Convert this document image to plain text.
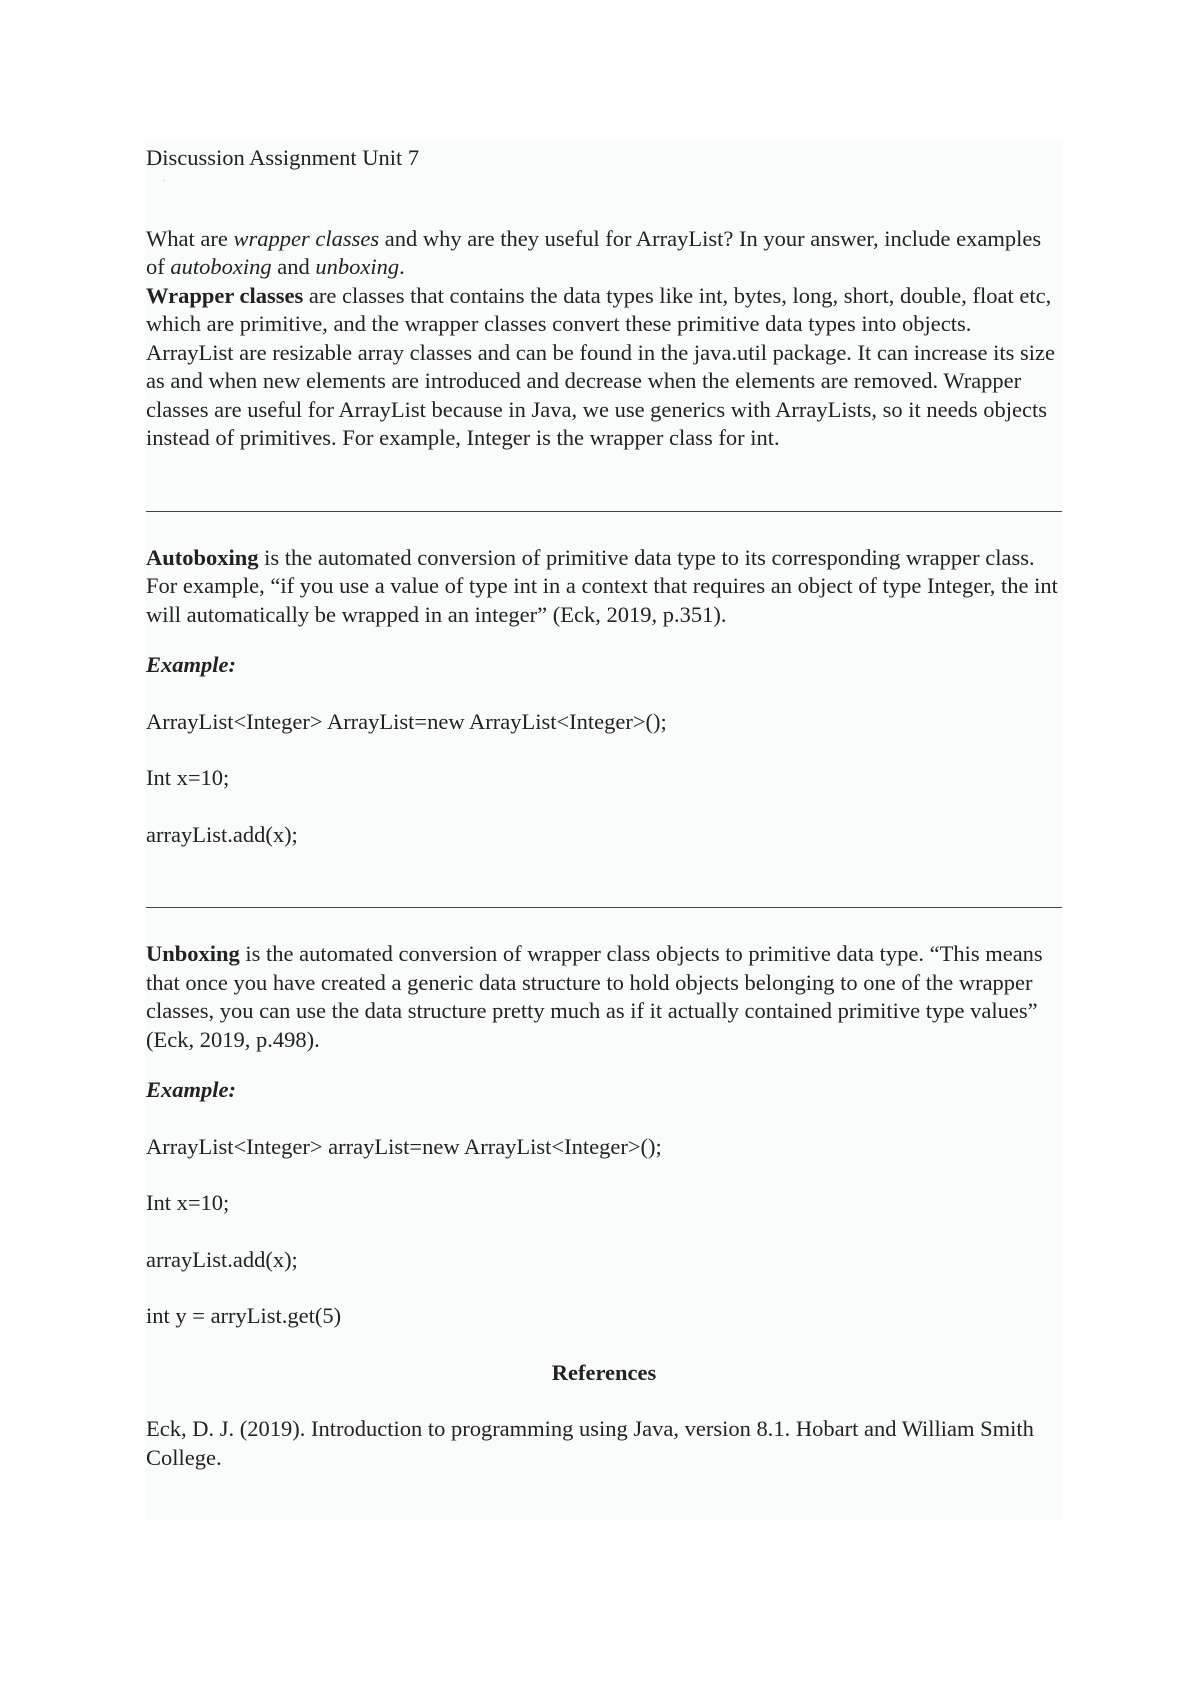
Discussion Assignment Unit 7

·

What are wrapper classes and why are they useful for ArrayList? In your answer, include examples of autoboxing and unboxing.

Wrapper classes are classes that contains the data types like int, bytes, long, short, double, float etc, which are primitive, and the wrapper classes convert these primitive data types into objects. ArrayList are resizable array classes and can be found in the java.util package. It can increase its size as and when new elements are introduced and decrease when the elements are removed. Wrapper classes are useful for ArrayList because in Java, we use generics with ArrayLists, so it needs objects instead of primitives. For example, Integer is the wrapper class for int.

Autoboxing is the automated conversion of primitive data type to its corresponding wrapper class. For example, “if you use a value of type int in a context that requires an object of type Integer, the int will automatically be wrapped in an integer” (Eck, 2019, p.351).

Example:

ArrayList<Integer> ArrayList=new ArrayList<Integer>();

Int x=10;

arrayList.add(x);

Unboxing is the automated conversion of wrapper class objects to primitive data type. “This means that once you have created a generic data structure to hold objects belonging to one of the wrapper classes, you can use the data structure pretty much as if it actually contained primitive type values” (Eck, 2019, p.498).

Example:

ArrayList<Integer> arrayList=new ArrayList<Integer>();

Int x=10;

arrayList.add(x);

int y = arryList.get(5)

References

Eck, D. J. (2019). Introduction to programming using Java, version 8.1. Hobart and William Smith College.
